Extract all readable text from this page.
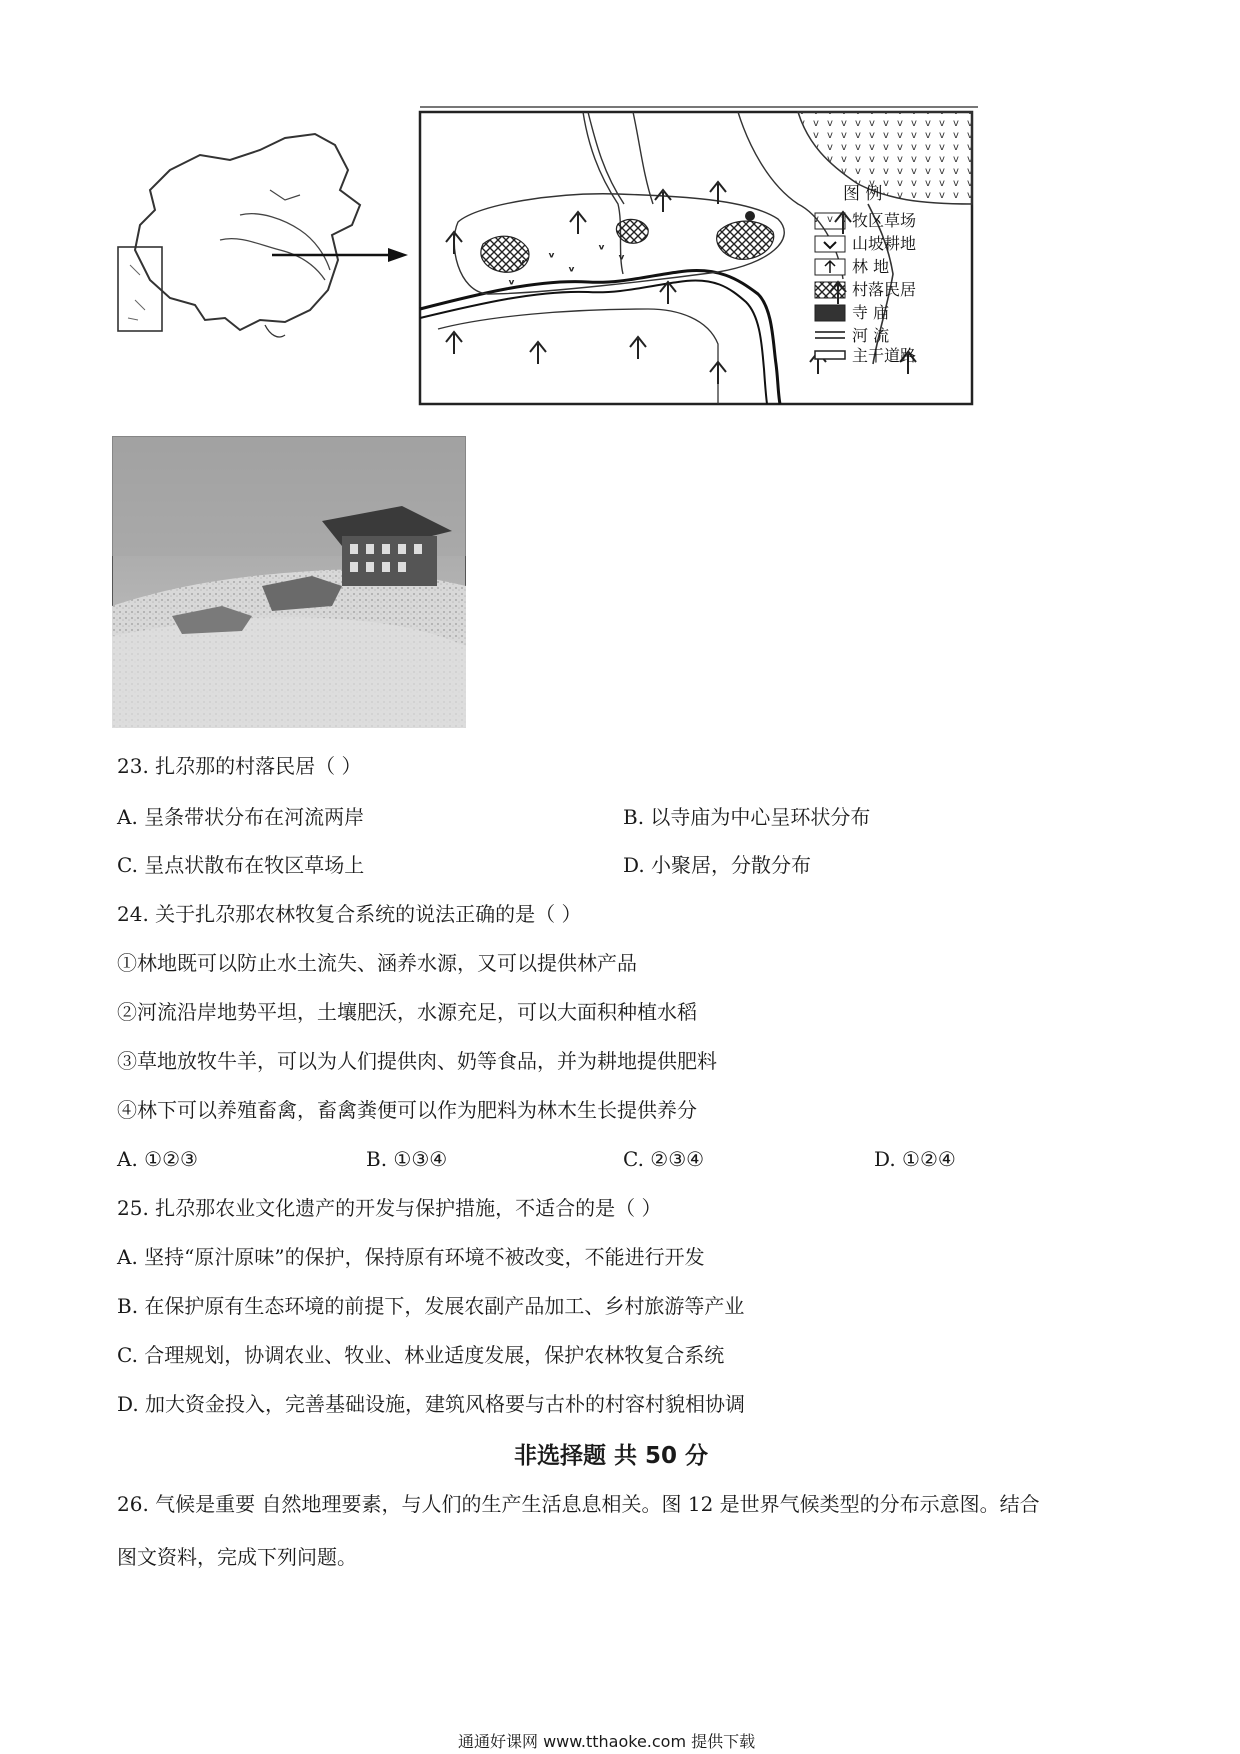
ᵛ ᵛ	ᵛ
ᵛ
ᵛ
ᵛ
图 例
牧区草场
山坡耕地
林 地
村落民居
寺 庙
河 流
主干道路
23. 扎尕那的村落民居（ ）
A. 呈条带状分布在河流两岸	B. 以寺庙为中心呈环状分布
C. 呈点状散布在牧区草场上	D. 小聚居，分散分布
24. 关于扎尕那农林牧复合系统的说法正确的是（ ）
①林地既可以防止水土流失、涵养水源，又可以提供林产品
②河流沿岸地势平坦，土壤肥沃，水源充足，可以大面积种植水稻
③草地放牧牛羊，可以为人们提供肉、奶等食品，并为耕地提供肥料
④林下可以养殖畜禽，畜禽粪便可以作为肥料为林木生长提供养分
A. ①②③	B. ①③④	C. ②③④	D. ①②④
25. 扎尕那农业文化遗产的开发与保护措施，不适合的是（ ）
A. 坚持“原汁原味”的保护，保持原有环境不被改变，不能进行开发
B. 在保护原有生态环境的前提下，发展农副产品加工、乡村旅游等产业
C. 合理规划，协调农业、牧业、林业适度发展，保护农林牧复合系统
D. 加大资金投入，完善基础设施，建筑风格要与古朴的村容村貌相协调
非选择题 共 50 分
26. 气候是重要 自然地理要素，与人们的生产生活息息相关。图 12 是世界气候类型的分布示意图。结合
图文资料，完成下列问题。
通通好课网 www.tthaoke.com 提供下载
